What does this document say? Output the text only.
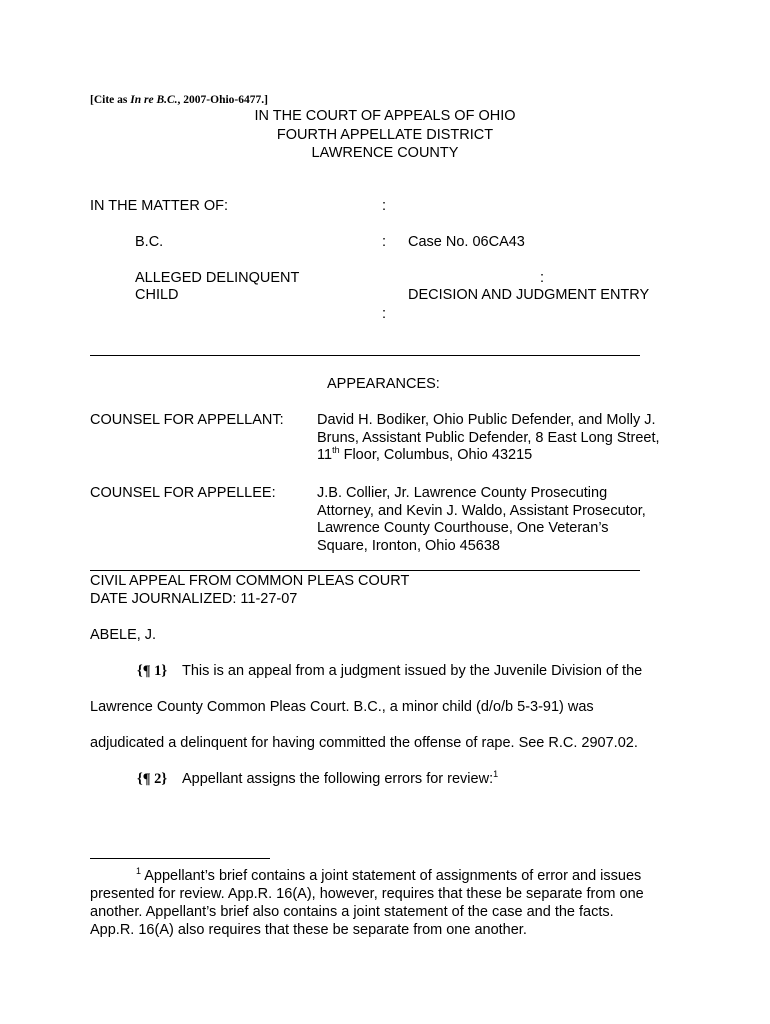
[Cite as In re B.C., 2007-Ohio-6477.]
IN THE COURT OF APPEALS OF OHIO
FOURTH APPELLATE DISTRICT
LAWRENCE COUNTY
IN THE MATTER OF:	:
B.C.	: Case No. 06CA43
ALLEGED DELINQUENT	:
CHILD	DECISION AND JUDGMENT ENTRY
:
APPEARANCES:
COUNSEL FOR APPELLANT: David H. Bodiker, Ohio Public Defender, and Molly J.
Bruns, Assistant Public Defender, 8 East Long Street,
11th Floor, Columbus, Ohio 43215
COUNSEL FOR APPELLEE:	J.B. Collier, Jr. Lawrence County Prosecuting
Attorney, and Kevin J. Waldo, Assistant Prosecutor,
Lawrence County Courthouse, One Veteran’s
Square, Ironton, Ohio 45638
CIVIL APPEAL FROM COMMON PLEAS COURT
DATE JOURNALIZED: 11-27-07
ABELE, J.
{¶ 1} This is an appeal from a judgment issued by the Juvenile Division of the
Lawrence County Common Pleas Court. B.C., a minor child (d/o/b 5-3-91) was
adjudicated a delinquent for having committed the offense of rape. See R.C. 2907.02.
{¶ 2} Appellant assigns the following errors for review:$^1$
$^1$ Appellant’s brief contains a joint statement of assignments of error and issues
presented for review. App.R. 16(A), however, requires that these be separate from one
another. Appellant’s brief also contains a joint statement of the case and the facts.
App.R. 16(A) also requires that these be separate from one another.
